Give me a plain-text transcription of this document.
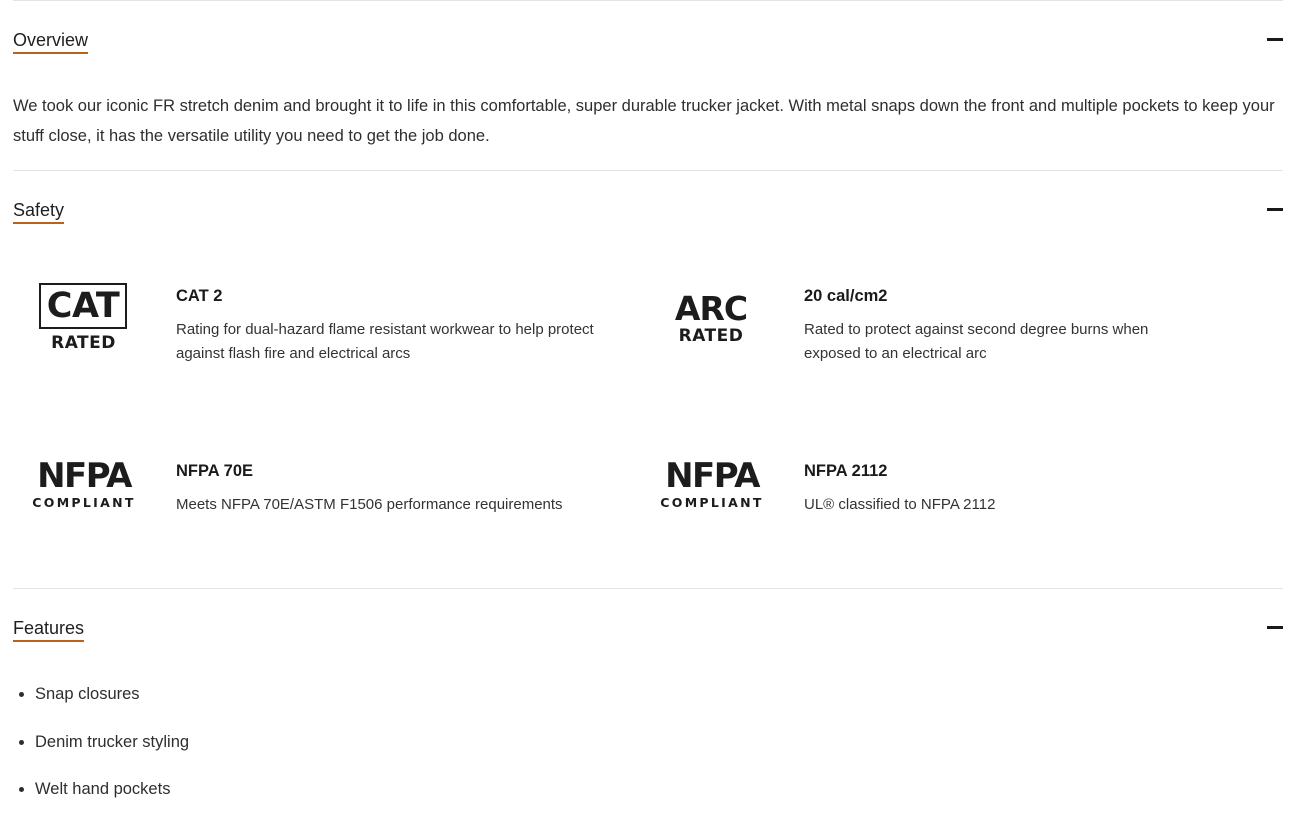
Overview
We took our iconic FR stretch denim and brought it to life in this comfortable, super durable trucker jacket. With metal snaps down the front and multiple pockets to keep your stuff close, it has the versatile utility you need to get the job done.
Safety
CAT
RATED
CAT 2
Rating for dual-hazard flame resistant workwear to help protect against flash fire and electrical arcs
ARC
RATED
20 cal/cm2
Rated to protect against second degree burns when exposed to an electrical arc
NFPA
COMPLIANT
NFPA 70E
Meets NFPA 70E/ASTM F1506 performance requirements
NFPA
COMPLIANT
NFPA 2112
UL® classified to NFPA 2112
Features
• Snap closures
• Denim trucker styling
• Welt hand pockets
